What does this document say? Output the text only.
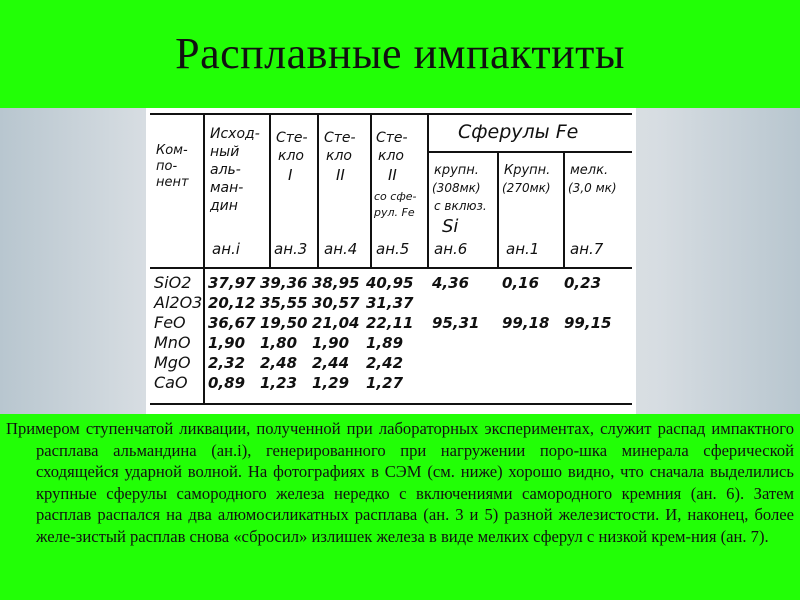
Расплавные импактиты
Сферулы Fe
Ком-
по-
нент
Исход-
ный
аль-
ман-
дин
Сте-
кло
I
Сте-
кло
II
Сте-
кло
II
со сфе-
рул. Fe
крупн.
(308мк)
с вклюз.
Si
Крупн.
(270мк)
мелк.
(3,0 мк)
ан.i ан.3 ан.4 ан.5 ан.6	ан.1 ан.7
SiO2 37,97 39,36 38,95 40,95 4,36 0,16 0,23
Al2O3 20,12 35,55 30,57 31,37
FeO 36,67 19,50 21,04 22,11 95,31 99,18 99,15
MnO 1,90 1,80 1,90 1,89
MgO 2,32 2,48 2,44 2,42
CaO 0,89 1,23 1,29 1,27
Примером ступенчатой ликвации, полученной при лабораторных экспериментах, служит распад импактного расплава альмандина (ан.i), генерированного при нагружении поро-шка минерала сферической сходящейся ударной волной. На фотографиях в СЭМ (см. ниже) хорошо видно, что сначала выделились крупные сферулы самородного железа нередко с включениями самородного кремния (ан. 6). Затем расплав распался на два алюмосиликатных расплава (ан. 3 и 5) разной железистости. И, наконец, более желе-зистый расплав снова «сбросил» излишек железа в виде мелких сферул с низкой крем-ния (ан. 7).
